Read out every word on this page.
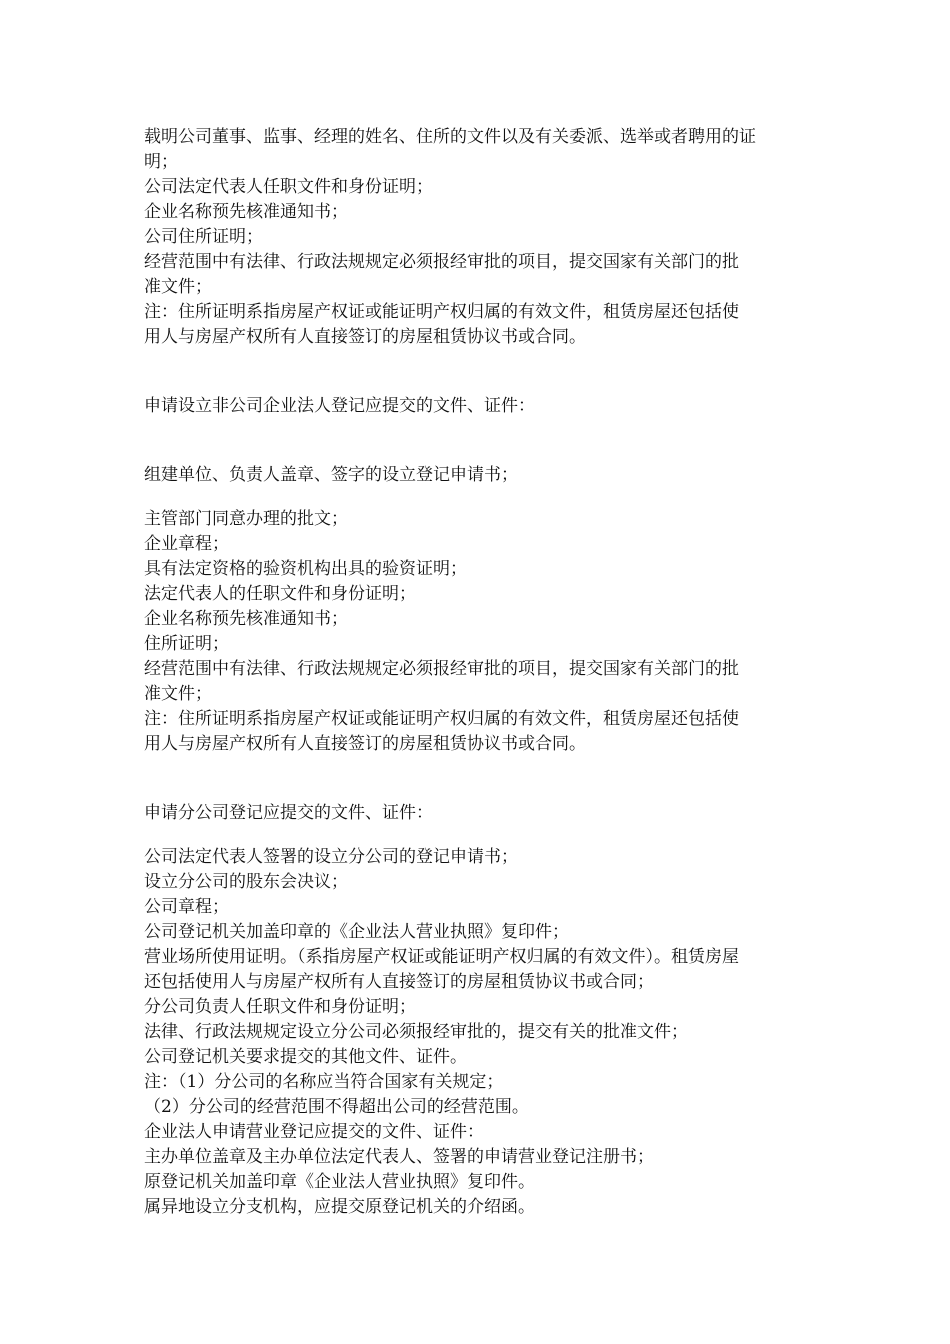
载明公司董事、监事、经理的姓名、住所的文件以及有关委派、选举或者聘用的证
明；
公司法定代表人任职文件和身份证明；
企业名称预先核准通知书；
公司住所证明；
经营范围中有法律、行政法规规定必须报经审批的项目，提交国家有关部门的批
准文件；
注：住所证明系指房屋产权证或能证明产权归属的有效文件，租赁房屋还包括使
用人与房屋产权所有人直接签订的房屋租赁协议书或合同。
申请设立非公司企业法人登记应提交的文件、证件：
组建单位、负责人盖章、签字的设立登记申请书；
主管部门同意办理的批文；
企业章程；
具有法定资格的验资机构出具的验资证明；
法定代表人的任职文件和身份证明；
企业名称预先核准通知书；
住所证明；
经营范围中有法律、行政法规规定必须报经审批的项目，提交国家有关部门的批
准文件；
注：住所证明系指房屋产权证或能证明产权归属的有效文件，租赁房屋还包括使
用人与房屋产权所有人直接签订的房屋租赁协议书或合同。
申请分公司登记应提交的文件、证件：
公司法定代表人签署的设立分公司的登记申请书；
设立分公司的股东会决议；
公司章程；
公司登记机关加盖印章的《企业法人营业执照》复印件；
营业场所使用证明。（系指房屋产权证或能证明产权归属的有效文件）。租赁房屋
还包括使用人与房屋产权所有人直接签订的房屋租赁协议书或合同；
分公司负责人任职文件和身份证明；
法律、行政法规规定设立分公司必须报经审批的，提交有关的批准文件；
公司登记机关要求提交的其他文件、证件。
注：（1）分公司的名称应当符合国家有关规定；
（2）分公司的经营范围不得超出公司的经营范围。
企业法人申请营业登记应提交的文件、证件：
主办单位盖章及主办单位法定代表人、签署的申请营业登记注册书；
原登记机关加盖印章《企业法人营业执照》复印件。
属异地设立分支机构，应提交原登记机关的介绍函。
